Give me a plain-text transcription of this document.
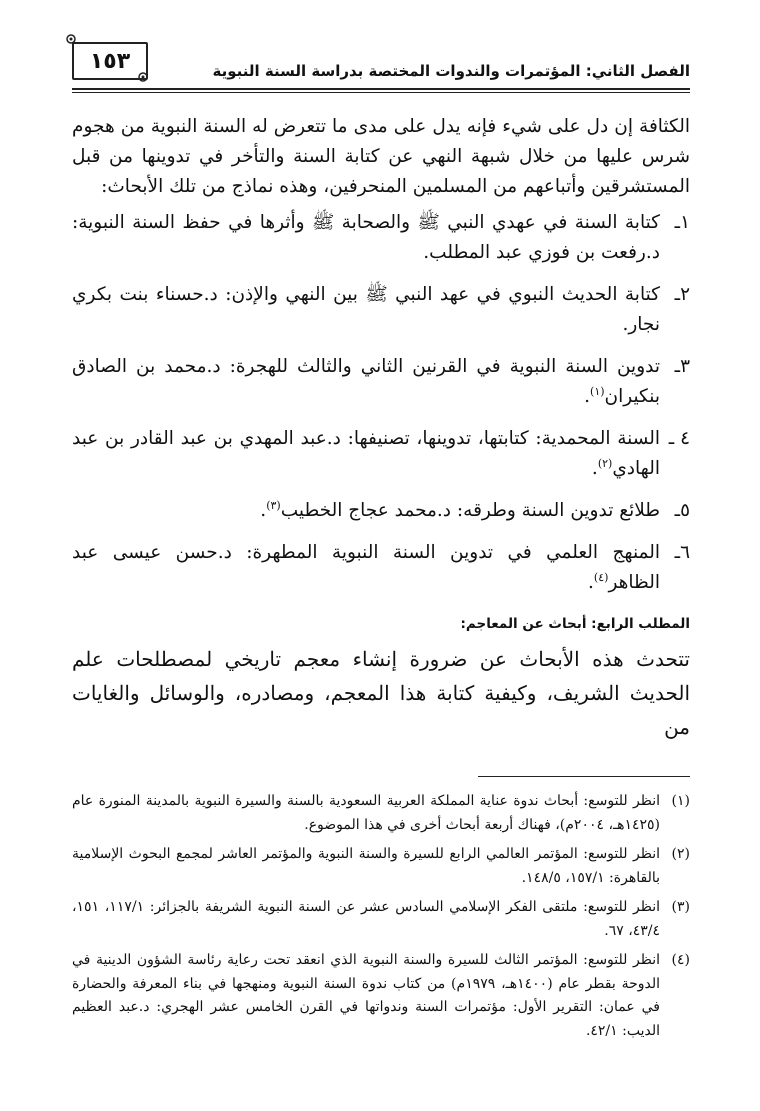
الفصل الثاني: المؤتمرات والندوات المختصة بدراسة السنة النبوية
١٥٣

الكثافة إن دل على شيء فإنه يدل على مدى ما تتعرض له السنة النبوية من هجوم شرس عليها من خلال شبهة النهي عن كتابة السنة والتأخر في تدوينها من قبل المستشرقين وأتباعهم من المسلمين المنحرفين، وهذه نماذج من تلك الأبحاث:

١ـ
كتابة السنة في عهدي النبي ﷺ والصحابة ﷺ وأثرها في حفظ السنة النبوية: د.رفعت بن فوزي عبد المطلب.
٢ـ
كتابة الحديث النبوي في عهد النبي ﷺ بين النهي والإذن: د.حسناء بنت بكري نجار.
٣ـ
تدوين السنة النبوية في القرنين الثاني والثالث للهجرة: د.محمد بن الصادق بنكيران$^{(١)}$.
٤ ـ
السنة المحمدية: كتابتها، تدوينها، تصنيفها: د.عبد المهدي بن عبد القادر بن عبد الهادي$^{(٢)}$.
٥ـ
طلائع تدوين السنة وطرقه: د.محمد عجاج الخطيب$^{(٣)}$.
٦ـ
المنهج العلمي في تدوين السنة النبوية المطهرة: د.حسن عيسى عبد الظاهر$^{(٤)}$.
المطلب الرابع: أبحاث عن المعاجم:

تتحدث هذه الأبحاث عن ضرورة إنشاء معجم تاريخي لمصطلحات علم الحديث الشريف، وكيفية كتابة هذا المعجم، ومصادره، والوسائل والغايات من

(١)
انظر للتوسع: أبحاث ندوة عناية المملكة العربية السعودية بالسنة والسيرة النبوية بالمدينة المنورة عام (١٤٢٥هـ، ٢٠٠٤م)، فهناك أربعة أبحاث أخرى في هذا الموضوع.
(٢)
انظر للتوسع: المؤتمر العالمي الرابع للسيرة والسنة النبوية والمؤتمر العاشر لمجمع البحوث الإسلامية بالقاهرة: ١٥٧/١، ١٤٨/٥.
(٣)
انظر للتوسع: ملتقى الفكر الإسلامي السادس عشر عن السنة النبوية الشريفة بالجزائر: ١١٧/١، ١٥١، ٤٣/٤، ٦٧.
(٤)
انظر للتوسع: المؤتمر الثالث للسيرة والسنة النبوية الذي انعقد تحت رعاية رئاسة الشؤون الدينية في الدوحة بقطر عام (١٤٠٠هـ، ١٩٧٩م) من كتاب ندوة السنة النبوية ومنهجها في بناء المعرفة والحضارة في عمان: التقرير الأول: مؤتمرات السنة وندواتها في القرن الخامس عشر الهجري: د.عبد العظيم الديب: ٤٢/١.
